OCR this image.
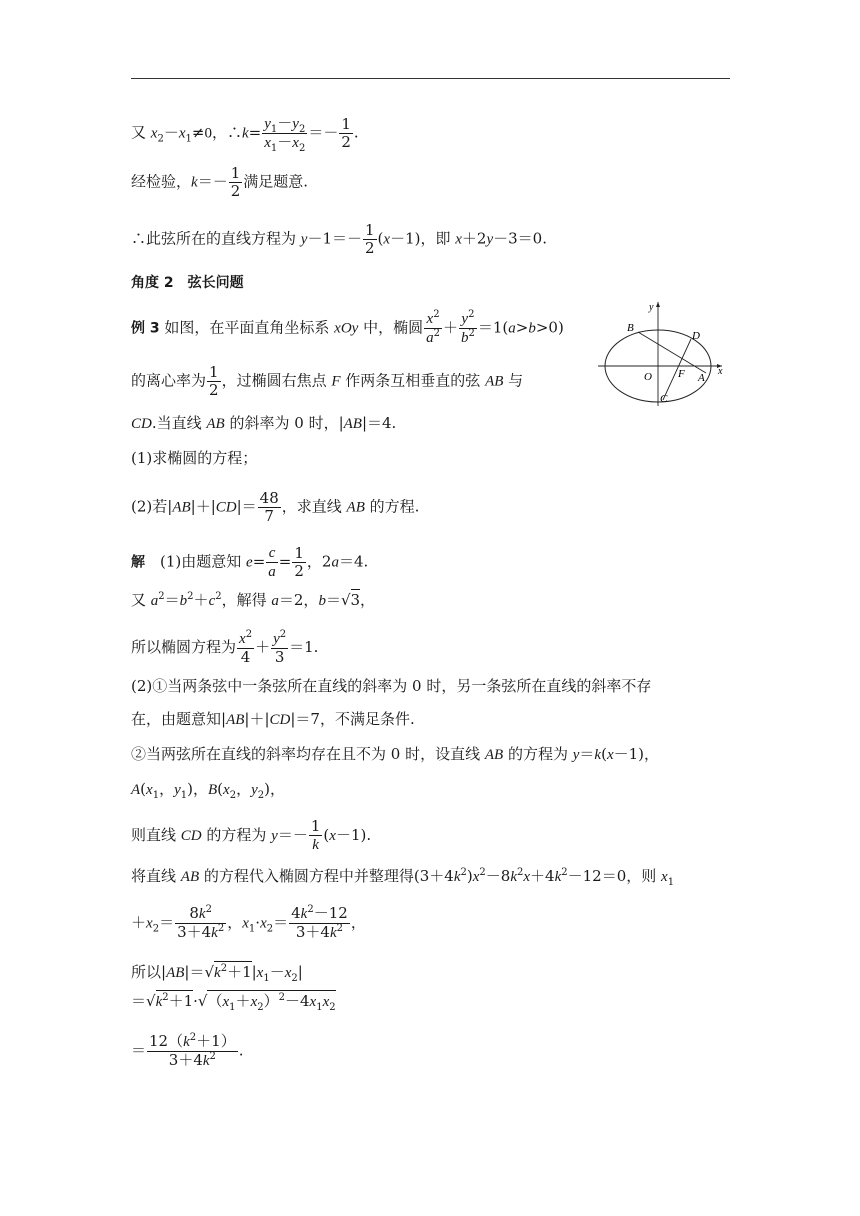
又 $x_2-x_1\ne 0$，∴k= $\frac{y_1-y_2}{x_1-x_2} =- \frac{1}{2}$ .
经检验，$k=- \frac{1}{2}$ 满足题意.
∴此弦所在的直线方程为 $y-1=- \frac{1}{2} (x-1)$，即 x＋2y－3＝0.
角度 2　弦长问题
例 3 如图，在平面直角坐标系 xOy 中，椭圆 $\frac{x^2}{a^2} + \frac{y^2}{b^2} =1(a>b>0)$
的离心率为 $\frac{1}{2}$ ，过椭圆右焦点 F 作两条互相垂直的弦 AB 与
CD.当直线 AB 的斜率为 0 时，|AB|＝4.
(1)求椭圆的方程；
(2)若$|AB|+|CD|= \frac{48}{7}$ ，求直线 AB 的方程.
解　(1)由题意知 $e= \frac{c}{a} = \frac{1}{2}$ ，2a＝4.
又 $a^2=b^2+c^2$，解得 a＝2，b＝√3，
所以椭圆方程为 $\frac{x^2}{4} + \frac{y^2}{3} =1$.
(2)①当两条弦中一条弦所在直线的斜率为 0 时，另一条弦所在直线的斜率不存
在，由题意知|AB|＋|CD|＝7，不满足条件.
②当两弦所在直线的斜率均存在且不为 0 时，设直线 AB 的方程为 y＝k(x－1)，
$A(x_1$，$y_1$)，$B(x_2$，$y_2$)，
则直线 CD 的方程为 $y=- \frac{1}{k} (x-1)$.
将直线 AB 的方程代入椭圆方程中并整理得$(3+4k^2)x^2-8k^2x+4k^2-12=0$，则 $x_1$
$+x_2= \frac{8k^2}{3+4k^2}$ ，$x_1\cdot x_2= \frac{4k^2-12}{3+4k^2}$ ，
所以$|AB|=√k^2+1|x_1-x_2|$
$=√k^2+1\cdot√(x_1+x_2)^2-4x_1x_2$
＝ $\frac{12(k^2+1)}{3+4k^2}$ .
B
D
O F A
C
x
y
